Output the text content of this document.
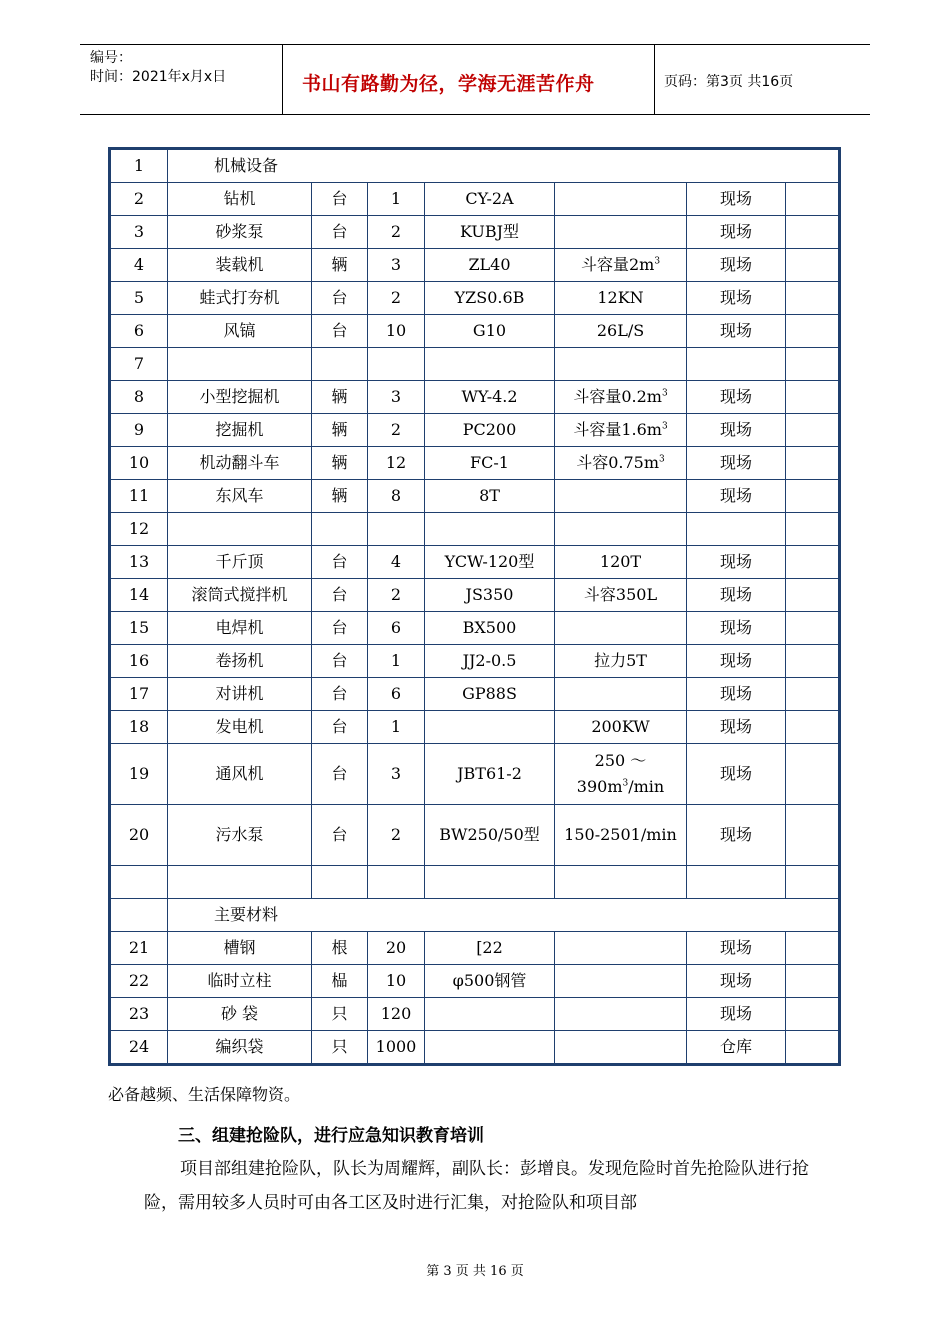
编号：
时间：2021年x月x日	书山有路勤为径，学海无涯苦作舟	页码：第3页 共16页
1	机械设备						
2	钻机	台	1	CY-2A		现场	
3	砂浆泵	台	2	KUBJ型		现场	
4	装载机	辆	3	ZL40	斗容量$2m^3$	现场	
5	蛙式打夯机	台	2	YZS0.6B	12KN	现场	
6	风镐	台	10	G10	26L/S	现场	
7							
8	小型挖掘机	辆	3	WY-4.2	斗容量$0.2m^3$	现场	
9	挖掘机	辆	2	PC200	斗容量$1.6m^3$	现场	
10	机动翻斗车	辆	12	FC-1	斗容$0.75m^3$	现场	
11	东风车	辆	8	8T		现场	
12							
13	千斤顶	台	4	YCW-120型	120T	现场	
14	滚筒式搅拌机	台	2	JS350	斗容350L	现场	
15	电焊机	台	6	BX500		现场	
16	卷扬机	台	1	JJ2-0.5	拉力5T	现场	
17	对讲机	台	6	GP88S		现场	
18	发电机	台	1		200KW	现场	
19	通风机	台	3	JBT61-2	250 ～ $390m^3/\min$	现场	
20	污水泵	台	2	BW250/50型	150-2501/min	现场	

	主要材料						
21	槽钢	根	20	[22		现场	
22	临时立柱	榀	10	φ500钢管		现场	
23	砂 袋	只	120			现场	
24	编织袋	只	1000			仓库	
必备越频、生活保障物资。
三、组建抢险队，进行应急知识教育培训
项目部组建抢险队，队长为周耀辉，副队长：彭增良。发现危险时首先抢险队进行抢险，需用较多人员时可由各工区及时进行汇集，对抢险队和项目部
第 3 页 共 16 页
